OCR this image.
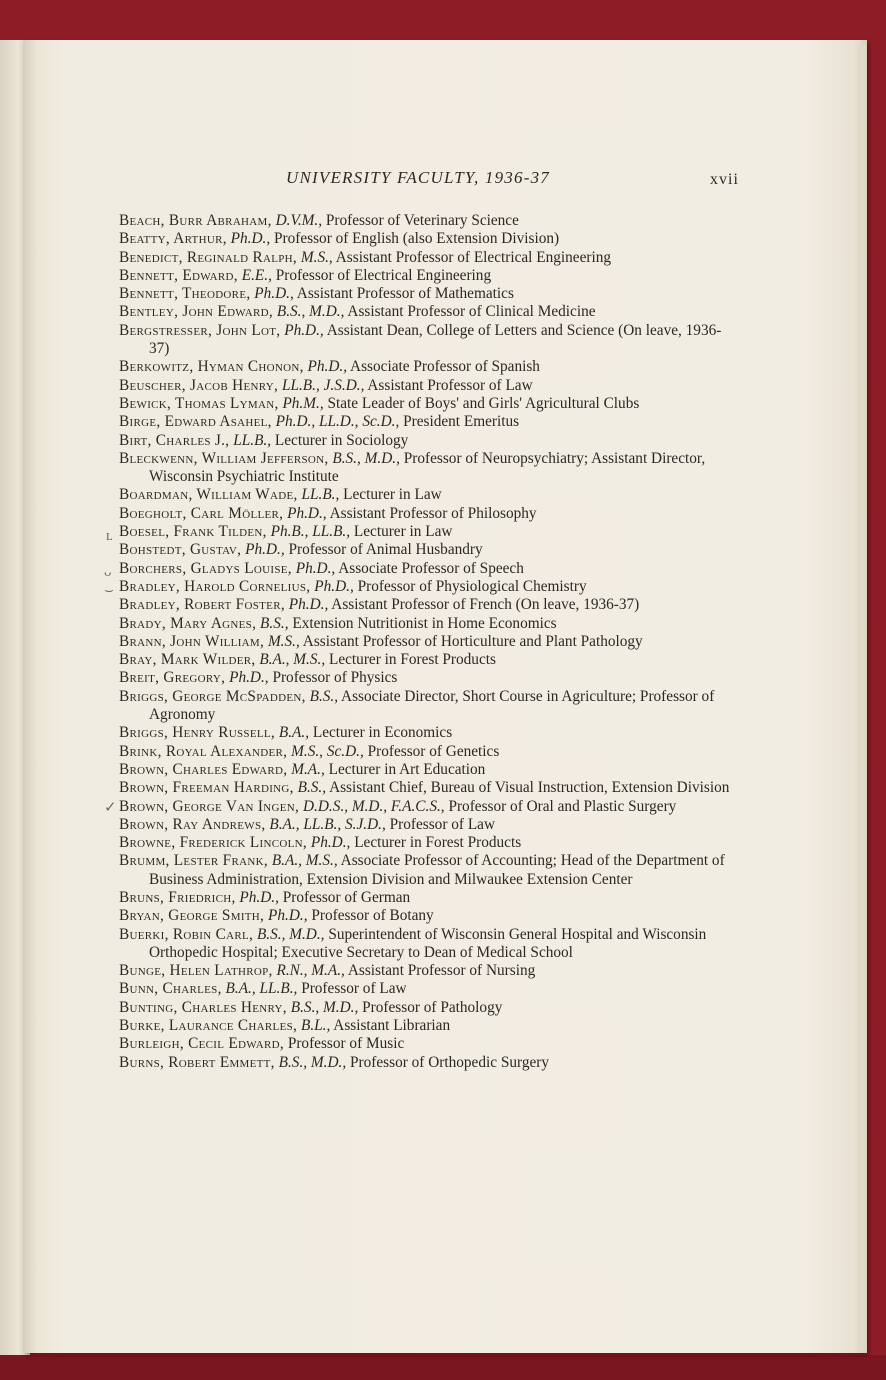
UNIVERSITY FACULTY, 1936-37	xvii
ʟ
ᴗ
⌣
✓
Beach, Burr Abraham, D.V.M., Professor of Veterinary Science
Beatty, Arthur, Ph.D., Professor of English (also Extension Division)
Benedict, Reginald Ralph, M.S., Assistant Professor of Electrical Engineering
Bennett, Edward, E.E., Professor of Electrical Engineering
Bennett, Theodore, Ph.D., Assistant Professor of Mathematics
Bentley, John Edward, B.S., M.D., Assistant Professor of Clinical Medicine
Bergstresser, John Lot, Ph.D., Assistant Dean, College of Letters and Science (On leave, 1936-37)
Berkowitz, Hyman Chonon, Ph.D., Associate Professor of Spanish
Beuscher, Jacob Henry, LL.B., J.S.D., Assistant Professor of Law
Bewick, Thomas Lyman, Ph.M., State Leader of Boys' and Girls' Agricultural Clubs
Birge, Edward Asahel, Ph.D., LL.D., Sc.D., President Emeritus
Birt, Charles J., LL.B., Lecturer in Sociology
Bleckwenn, William Jefferson, B.S., M.D., Professor of Neuropsychiatry; Assistant Director, Wisconsin Psychiatric Institute
Boardman, William Wade, LL.B., Lecturer in Law
Boegholt, Carl Möller, Ph.D., Assistant Professor of Philosophy
Boesel, Frank Tilden, Ph.B., LL.B., Lecturer in Law
Bohstedt, Gustav, Ph.D., Professor of Animal Husbandry
Borchers, Gladys Louise, Ph.D., Associate Professor of Speech
Bradley, Harold Cornelius, Ph.D., Professor of Physiological Chemistry
Bradley, Robert Foster, Ph.D., Assistant Professor of French (On leave, 1936-37)
Brady, Mary Agnes, B.S., Extension Nutritionist in Home Economics
Brann, John William, M.S., Assistant Professor of Horticulture and Plant Pathology
Bray, Mark Wilder, B.A., M.S., Lecturer in Forest Products
Breit, Gregory, Ph.D., Professor of Physics
Briggs, George McSpadden, B.S., Associate Director, Short Course in Agriculture; Professor of Agronomy
Briggs, Henry Russell, B.A., Lecturer in Economics
Brink, Royal Alexander, M.S., Sc.D., Professor of Genetics
Brown, Charles Edward, M.A., Lecturer in Art Education
Brown, Freeman Harding, B.S., Assistant Chief, Bureau of Visual Instruction, Extension Division
Brown, George Van Ingen, D.D.S., M.D., F.A.C.S., Professor of Oral and Plastic Surgery
Brown, Ray Andrews, B.A., LL.B., S.J.D., Professor of Law
Browne, Frederick Lincoln, Ph.D., Lecturer in Forest Products
Brumm, Lester Frank, B.A., M.S., Associate Professor of Accounting; Head of the Department of Business Administration, Extension Division and Milwaukee Extension Center
Bruns, Friedrich, Ph.D., Professor of German
Bryan, George Smith, Ph.D., Professor of Botany
Buerki, Robin Carl, B.S., M.D., Superintendent of Wisconsin General Hospital and Wisconsin Orthopedic Hospital; Executive Secretary to Dean of Medical School
Bunge, Helen Lathrop, R.N., M.A., Assistant Professor of Nursing
Bunn, Charles, B.A., LL.B., Professor of Law
Bunting, Charles Henry, B.S., M.D., Professor of Pathology
Burke, Laurance Charles, B.L., Assistant Librarian
Burleigh, Cecil Edward, Professor of Music
Burns, Robert Emmett, B.S., M.D., Professor of Orthopedic Surgery
